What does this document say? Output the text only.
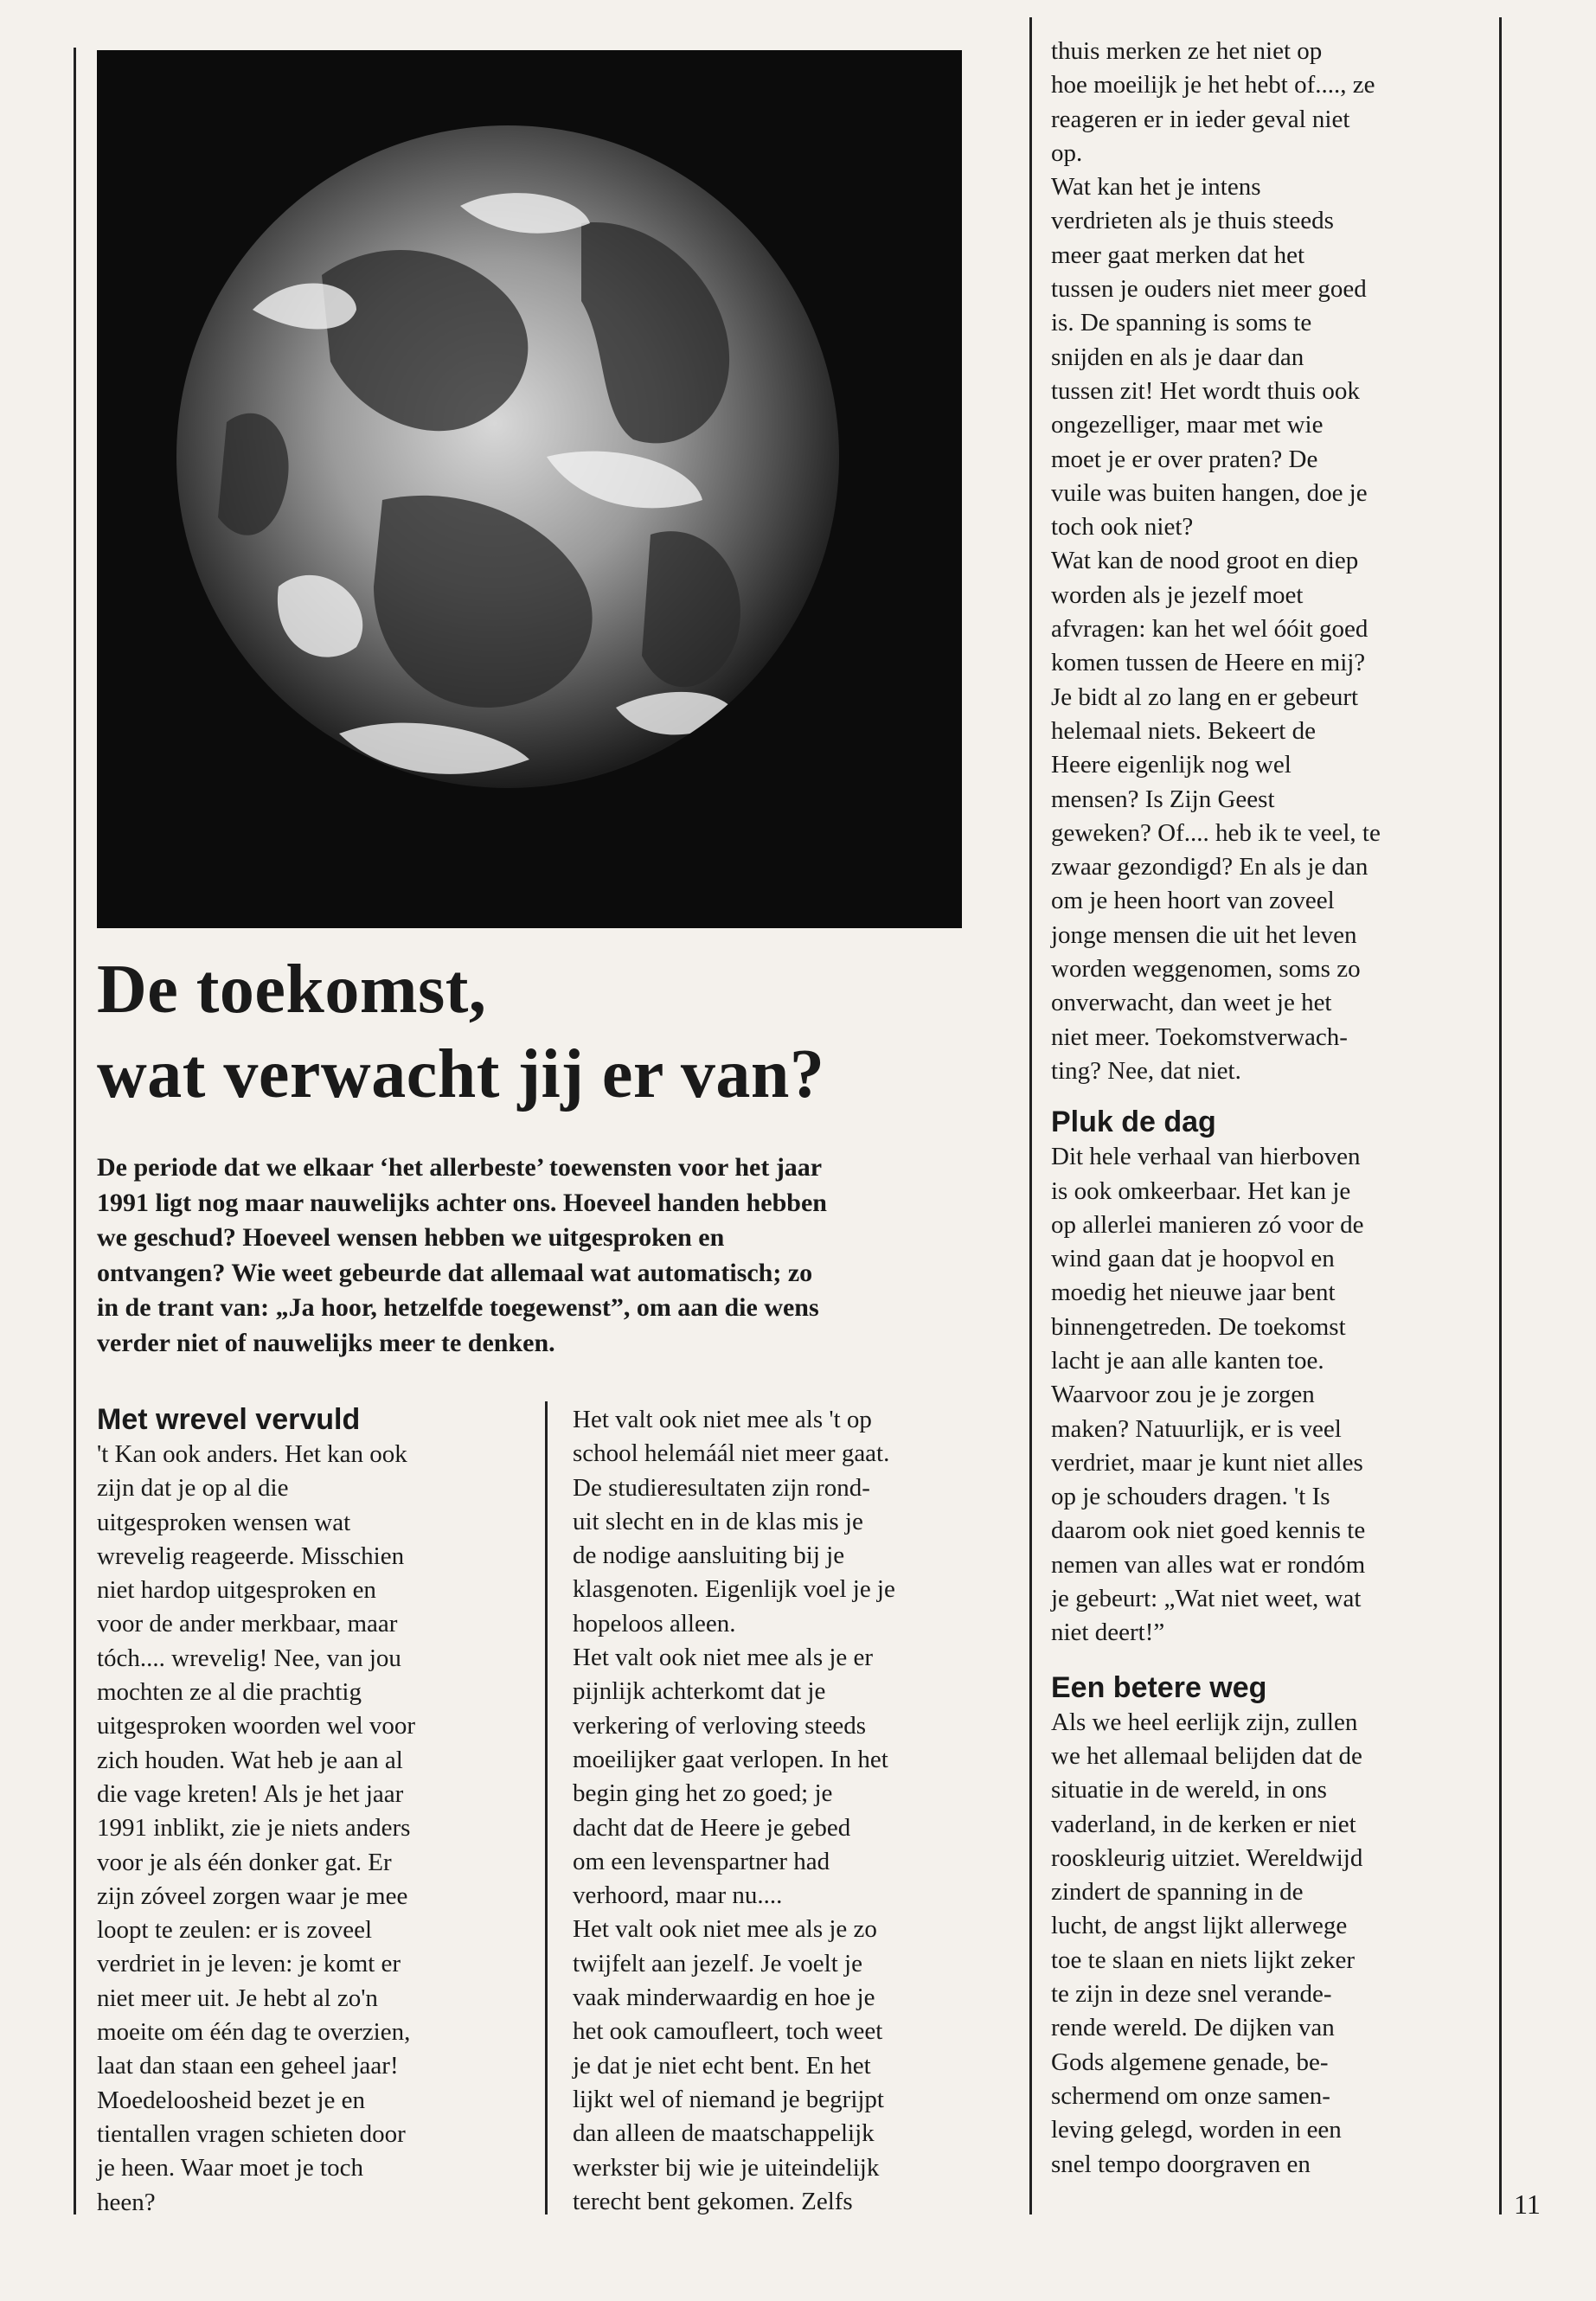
De toekomst,
wat verwacht jij er van?
De periode dat we elkaar ‘het allerbeste’ toewensten voor het jaar
1991 ligt nog maar nauwelijks achter ons. Hoeveel handen hebben
we geschud? Hoeveel wensen hebben we uitgesproken en
ontvangen? Wie weet gebeurde dat allemaal wat automatisch; zo
in de trant van: „Ja hoor, hetzelfde toegewenst”, om aan die wens
verder niet of nauwelijks meer te denken.
Met wrevel vervuld
't Kan ook anders. Het kan ook
zijn dat je op al die
uitgesproken wensen wat
wrevelig reageerde. Misschien
niet hardop uitgesproken en
voor de ander merkbaar, maar
tóch.... wrevelig! Nee, van jou
mochten ze al die prachtig
uitgesproken woorden wel voor
zich houden. Wat heb je aan al
die vage kreten! Als je het jaar
1991 inblikt, zie je niets anders
voor je als één donker gat. Er
zijn zóveel zorgen waar je mee
loopt te zeulen: er is zoveel
verdriet in je leven: je komt er
niet meer uit. Je hebt al zo'n
moeite om één dag te overzien,
laat dan staan een geheel jaar!
Moedeloosheid bezet je en
tientallen vragen schieten door
je heen. Waar moet je toch
heen?
Het valt ook niet mee als 't op
school helemáál niet meer gaat.
De studieresultaten zijn rond-
uit slecht en in de klas mis je
de nodige aansluiting bij je
klasgenoten. Eigenlijk voel je je
hopeloos alleen.
Het valt ook niet mee als je er
pijnlijk achterkomt dat je
verkering of verloving steeds
moeilijker gaat verlopen. In het
begin ging het zo goed; je
dacht dat de Heere je gebed
om een levenspartner had
verhoord, maar nu....
Het valt ook niet mee als je zo
twijfelt aan jezelf. Je voelt je
vaak minderwaardig en hoe je
het ook camoufleert, toch weet
je dat je niet echt bent. En het
lijkt wel of niemand je begrijpt
dan alleen de maatschappelijk
werkster bij wie je uiteindelijk
terecht bent gekomen. Zelfs
thuis merken ze het niet op
hoe moeilijk je het hebt of...., ze
reageren er in ieder geval niet
op.
Wat kan het je intens
verdrieten als je thuis steeds
meer gaat merken dat het
tussen je ouders niet meer goed
is. De spanning is soms te
snijden en als je daar dan
tussen zit! Het wordt thuis ook
ongezelliger, maar met wie
moet je er over praten? De
vuile was buiten hangen, doe je
toch ook niet?
Wat kan de nood groot en diep
worden als je jezelf moet
afvragen: kan het wel óóit goed
komen tussen de Heere en mij?
Je bidt al zo lang en er gebeurt
helemaal niets. Bekeert de
Heere eigenlijk nog wel
mensen? Is Zijn Geest
geweken? Of.... heb ik te veel, te
zwaar gezondigd? En als je dan
om je heen hoort van zoveel
jonge mensen die uit het leven
worden weggenomen, soms zo
onverwacht, dan weet je het
niet meer. Toekomstverwach-
ting? Nee, dat niet.
Pluk de dag
Dit hele verhaal van hierboven
is ook omkeerbaar. Het kan je
op allerlei manieren zó voor de
wind gaan dat je hoopvol en
moedig het nieuwe jaar bent
binnengetreden. De toekomst
lacht je aan alle kanten toe.
Waarvoor zou je je zorgen
maken? Natuurlijk, er is veel
verdriet, maar je kunt niet alles
op je schouders dragen. 't Is
daarom ook niet goed kennis te
nemen van alles wat er rondóm
je gebeurt: „Wat niet weet, wat
niet deert!”
Een betere weg
Als we heel eerlijk zijn, zullen
we het allemaal belijden dat de
situatie in de wereld, in ons
vaderland, in de kerken er niet
rooskleurig uitziet. Wereldwijd
zindert de spanning in de
lucht, de angst lijkt allerwege
toe te slaan en niets lijkt zeker
te zijn in deze snel verande-
rende wereld. De dijken van
Gods algemene genade, be-
schermend om onze samen-
leving gelegd, worden in een
snel tempo doorgraven en
11
